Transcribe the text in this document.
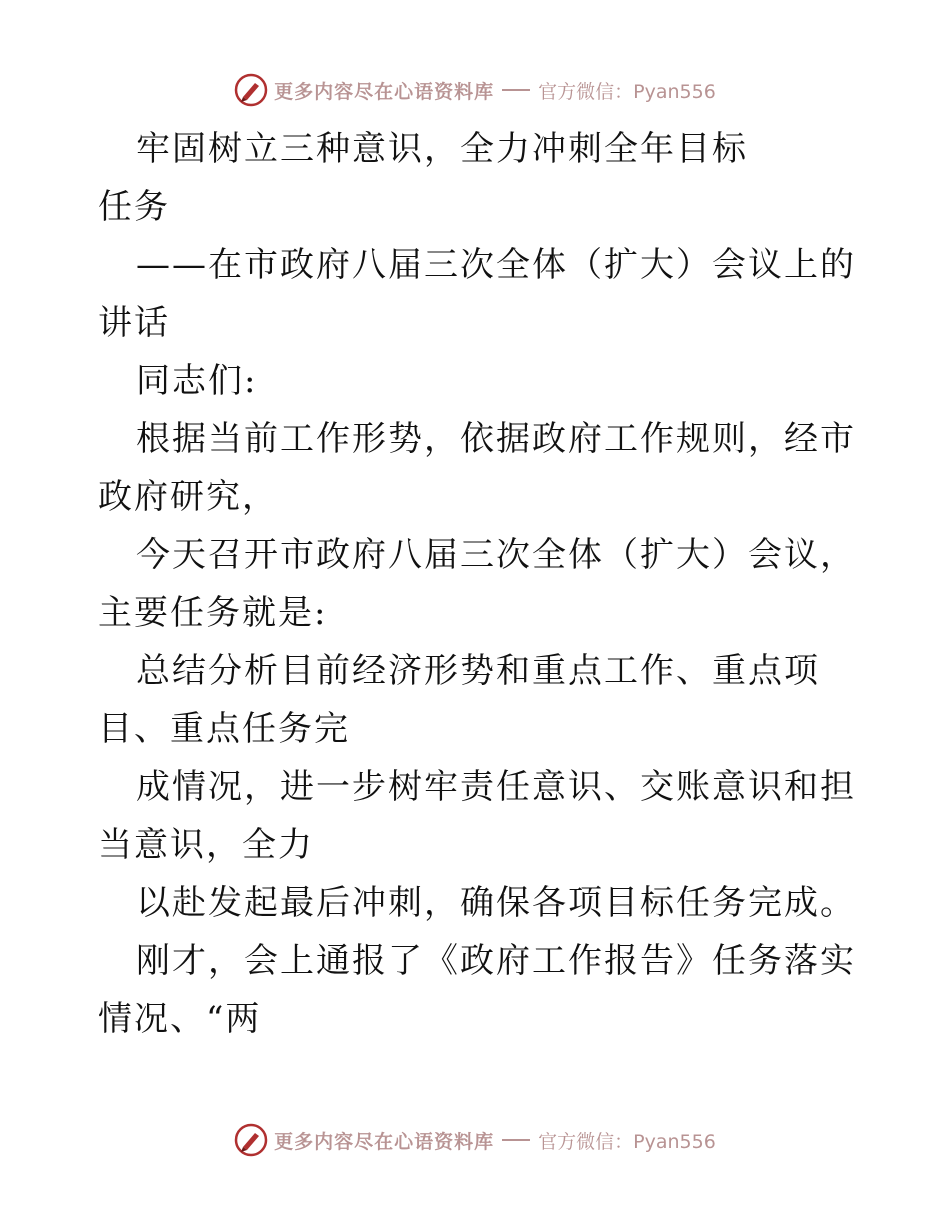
更多内容尽在心语资料库 官方微信：Pyan556

牢固树立三种意识，全力冲刺全年目标任务

——在市政府八届三次全体（扩大）会议上的讲话

同志们:

根据当前工作形势，依据政府工作规则，经市政府研究，

今天召开市政府八届三次全体（扩大）会议，主要任务就是:

总结分析目前经济形势和重点工作、重点项目、重点任务完

成情况，进一步树牢责任意识、交账意识和担当意识，全力

以赴发起最后冲刺，确保各项目标任务完成。

刚才，会上通报了《政府工作报告》任务落实情况、“两

更多内容尽在心语资料库 官方微信：Pyan556
